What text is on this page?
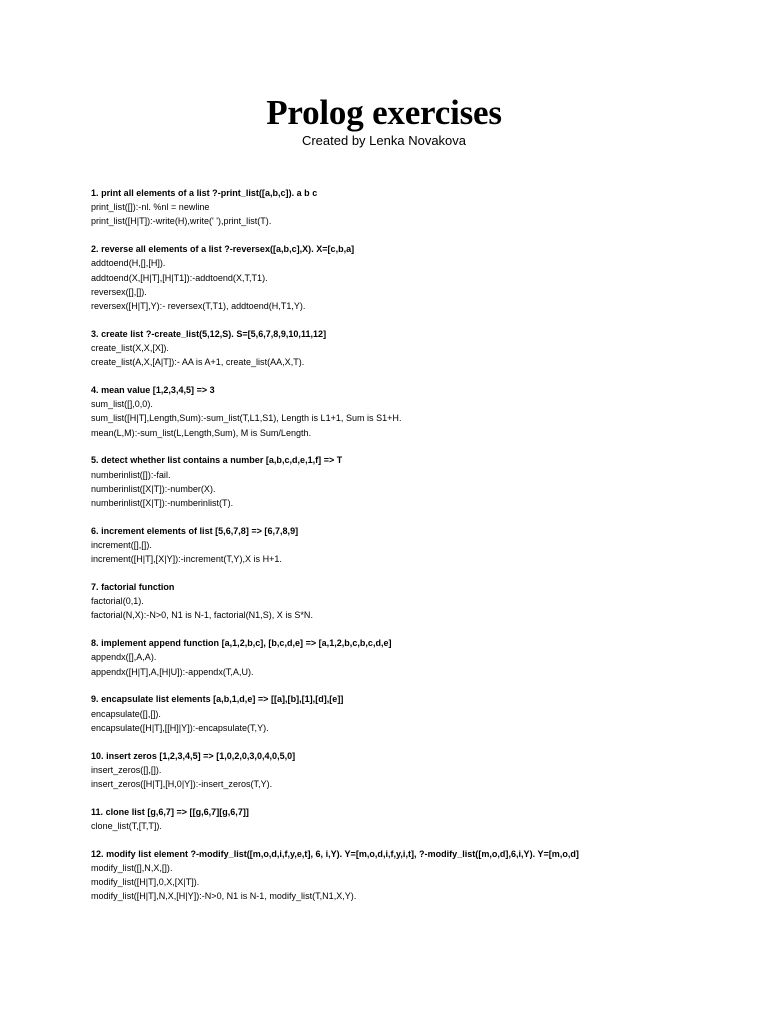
Prolog exercises
Created by Lenka Novakova
1. print all elements of a list ?-print_list([a,b,c]). a b c
print_list([]):-nl. %nl = newline
print_list([H|T]):-write(H),write(' '),print_list(T).
2. reverse all elements of a list ?-reversex([a,b,c],X). X=[c,b,a]
addtoend(H,[],[H]).
addtoend(X,[H|T],[H|T1]):-addtoend(X,T,T1).
reversex([],[]).
reversex([H|T],Y):- reversex(T,T1), addtoend(H,T1,Y).
3. create list ?-create_list(5,12,S). S=[5,6,7,8,9,10,11,12]
create_list(X,X,[X]).
create_list(A,X,[A|T]):- AA is A+1, create_list(AA,X,T).
4. mean value [1,2,3,4,5] => 3
sum_list([],0,0).
sum_list([H|T],Length,Sum):-sum_list(T,L1,S1), Length is L1+1, Sum is S1+H.
mean(L,M):-sum_list(L,Length,Sum), M is Sum/Length.
5. detect whether list contains a number [a,b,c,d,e,1,f] => T
numberinlist([]):-fail.
numberinlist([X|T]):-number(X).
numberinlist([X|T]):-numberinlist(T).
6. increment elements of list [5,6,7,8] => [6,7,8,9]
increment([],[]).
increment([H|T],[X|Y]):-increment(T,Y),X is H+1.
7. factorial function
factorial(0,1).
factorial(N,X):-N>0, N1 is N-1, factorial(N1,S), X is S*N.
8. implement append function [a,1,2,b,c], [b,c,d,e] => [a,1,2,b,c,b,c,d,e]
appendx([],A,A).
appendx([H|T],A,[H|U]):-appendx(T,A,U).
9. encapsulate list elements [a,b,1,d,e] => [[a],[b],[1],[d],[e]]
encapsulate([],[]).
encapsulate([H|T],[[H]|Y]):-encapsulate(T,Y).
10. insert zeros [1,2,3,4,5] => [1,0,2,0,3,0,4,0,5,0]
insert_zeros([],[]).
insert_zeros([H|T],[H,0|Y]):-insert_zeros(T,Y).
11. clone list [g,6,7] => [[g,6,7][g,6,7]]
clone_list(T,[T,T]).
12. modify list element ?-modify_list([m,o,d,i,f,y,e,t], 6, i,Y). Y=[m,o,d,i,f,y,i,t], ?-modify_list([m,o,d],6,i,Y). Y=[m,o,d]
modify_list([],N,X,[]).
modify_list([H|T],0,X,[X|T]).
modify_list([H|T],N,X,[H|Y]):-N>0, N1 is N-1, modify_list(T,N1,X,Y).
